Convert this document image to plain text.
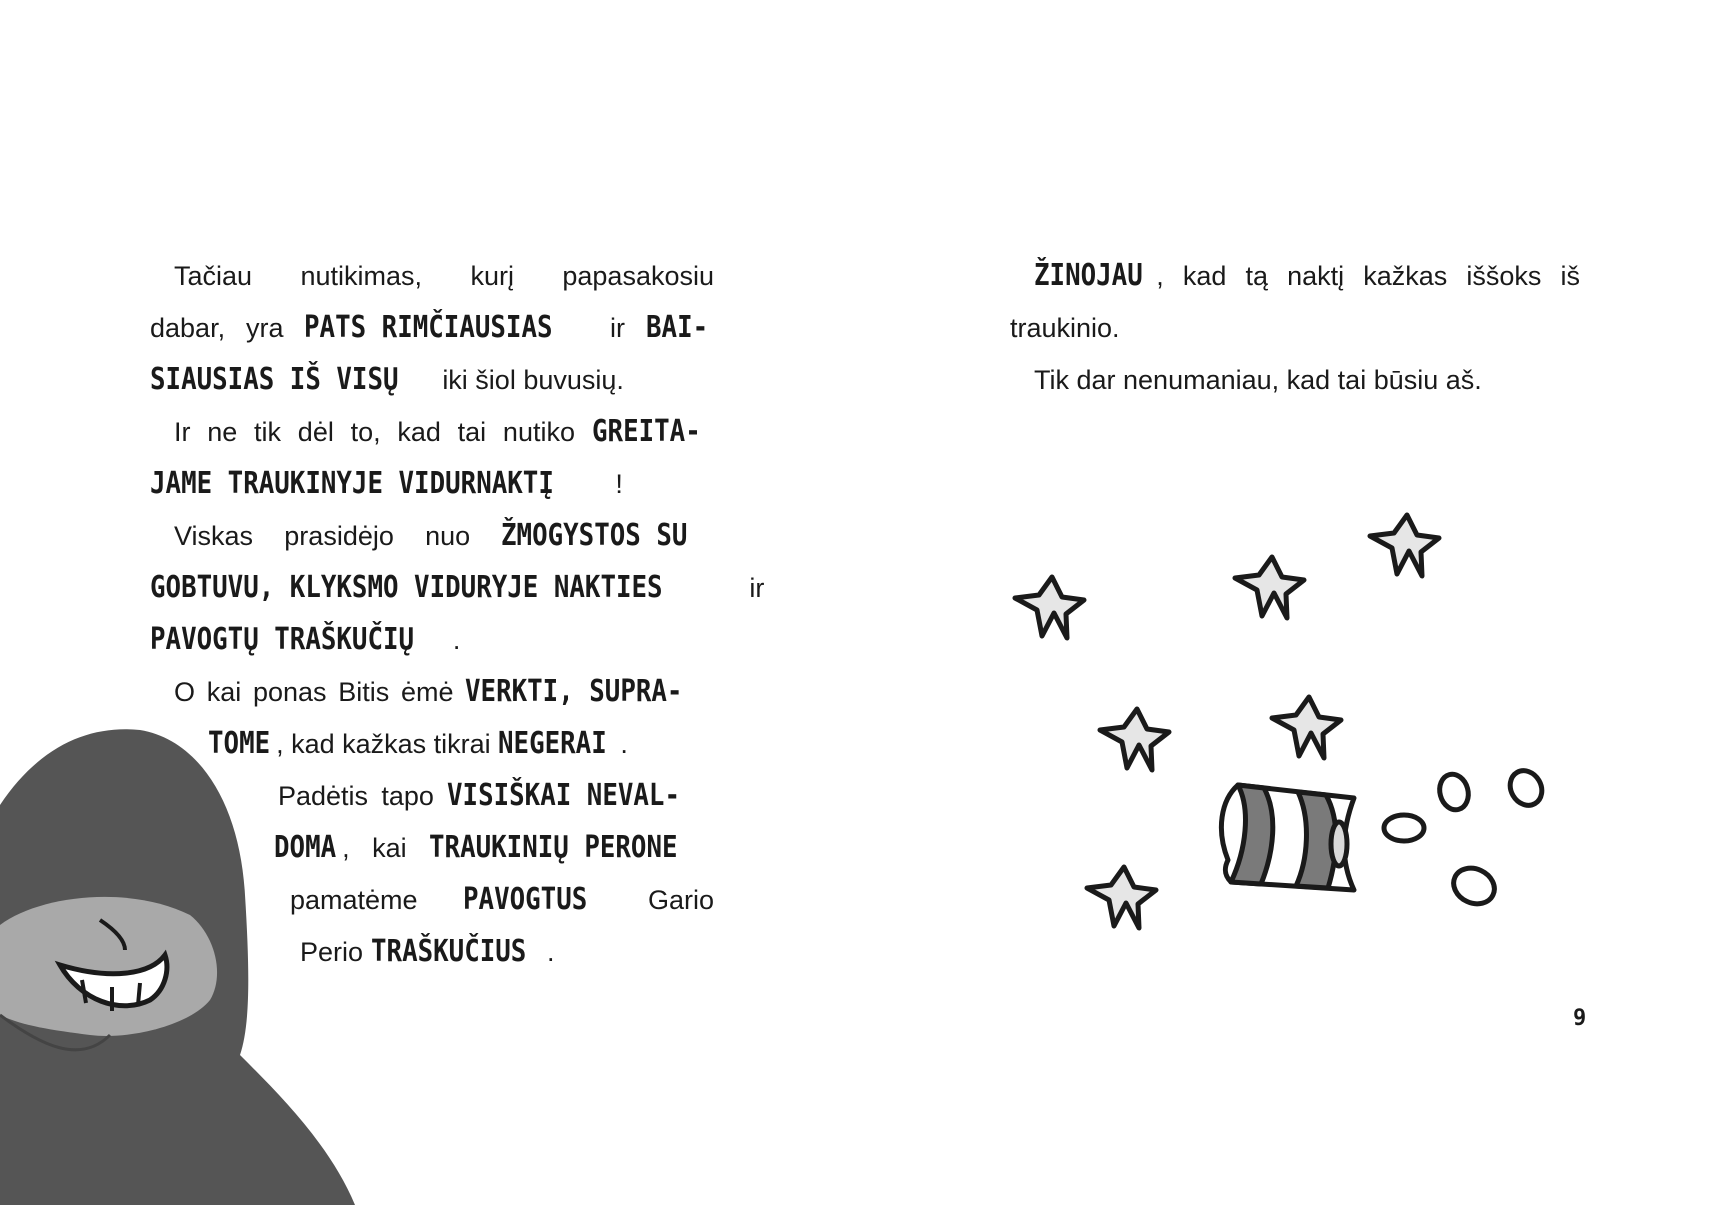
Tačiau nutikimas, kurį papasakosiu
dabar, yra PATS RIMČIAUSIAS ir BAI-
SIAUSIAS IŠ VISŲ iki šiol buvusių.
Ir ne tik dėl to, kad tai nutiko GREITA-
JAME TRAUKINYJE VIDURNAKTĮ !
Viskas prasidėjo nuo ŽMOGYSTOS SU
GOBTUVU, KLYKSMO VIDURYJE NAKTIES	ir
PAVOGTŲ TRAŠKUČIŲ .
O kai ponas Bitis ėmė VERKTI, SUPRA-
TOME , kad kažkas tikrai NEGERAI .
Padėtis tapo VISIŠKAI NEVAL-
DOMA , kai TRAUKINIŲ PERONE
pamatėme PAVOGTUS Gario
Perio TRAŠKUČIUS .
ŽINOJAU , kad tą naktį kažkas iššoks iš
traukinio.
Tik dar nenumaniau, kad tai būsiu aš.
9
